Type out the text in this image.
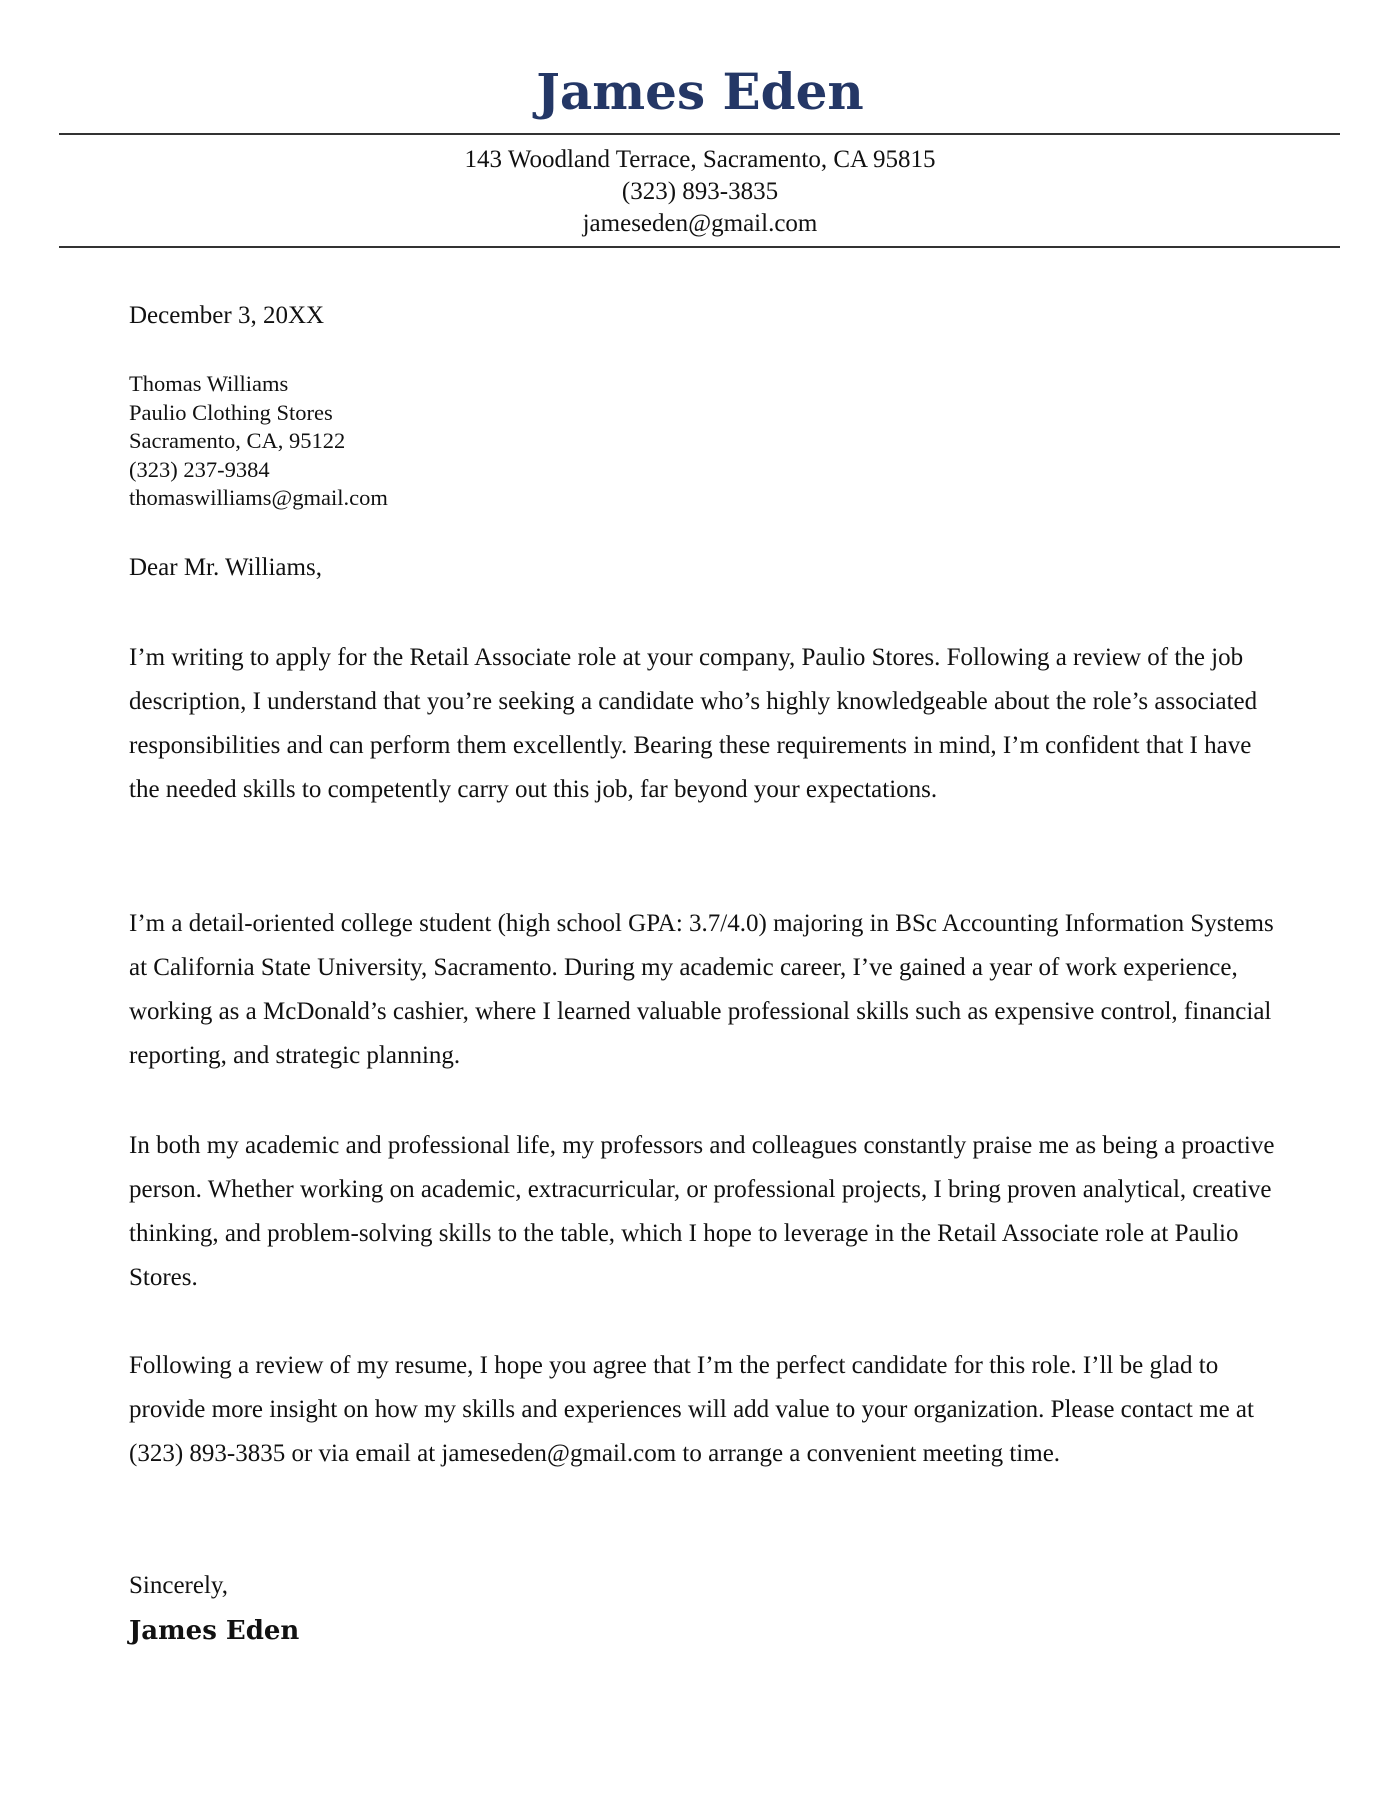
James Eden
143 Woodland Terrace, Sacramento, CA 95815
(323) 893-3835
jameseden@gmail.com
December 3, 20XX
Thomas Williams
Paulio Clothing Stores
Sacramento, CA, 95122
(323) 237-9384
thomaswilliams@gmail.com
Dear Mr. Williams,

I’m writing to apply for the Retail Associate role at your company, Paulio Stores. Following a review of the job description, I understand that you’re seeking a candidate who’s highly knowledgeable about the role’s associated responsibilities and can perform them excellently. Bearing these requirements in mind, I’m confident that I have the needed skills to competently carry out this job, far beyond your expectations.

I’m a detail-oriented college student (high school GPA: 3.7/4.0) majoring in BSc Accounting Information Systems at California State University, Sacramento. During my academic career, I’ve gained a year of work experience, working as a McDonald’s cashier, where I learned valuable professional skills such as expensive control, financial reporting, and strategic planning.

In both my academic and professional life, my professors and colleagues constantly praise me as being a proactive person. Whether working on academic, extracurricular, or professional projects, I bring proven analytical, creative thinking, and problem-solving skills to the table, which I hope to leverage in the Retail Associate role at Paulio Stores.

Following a review of my resume, I hope you agree that I’m the perfect candidate for this role. I’ll be glad to provide more insight on how my skills and experiences will add value to your organization. Please contact me at (323) 893-3835 or via email at jameseden@gmail.com to arrange a convenient meeting time.

Sincerely,
James Eden
